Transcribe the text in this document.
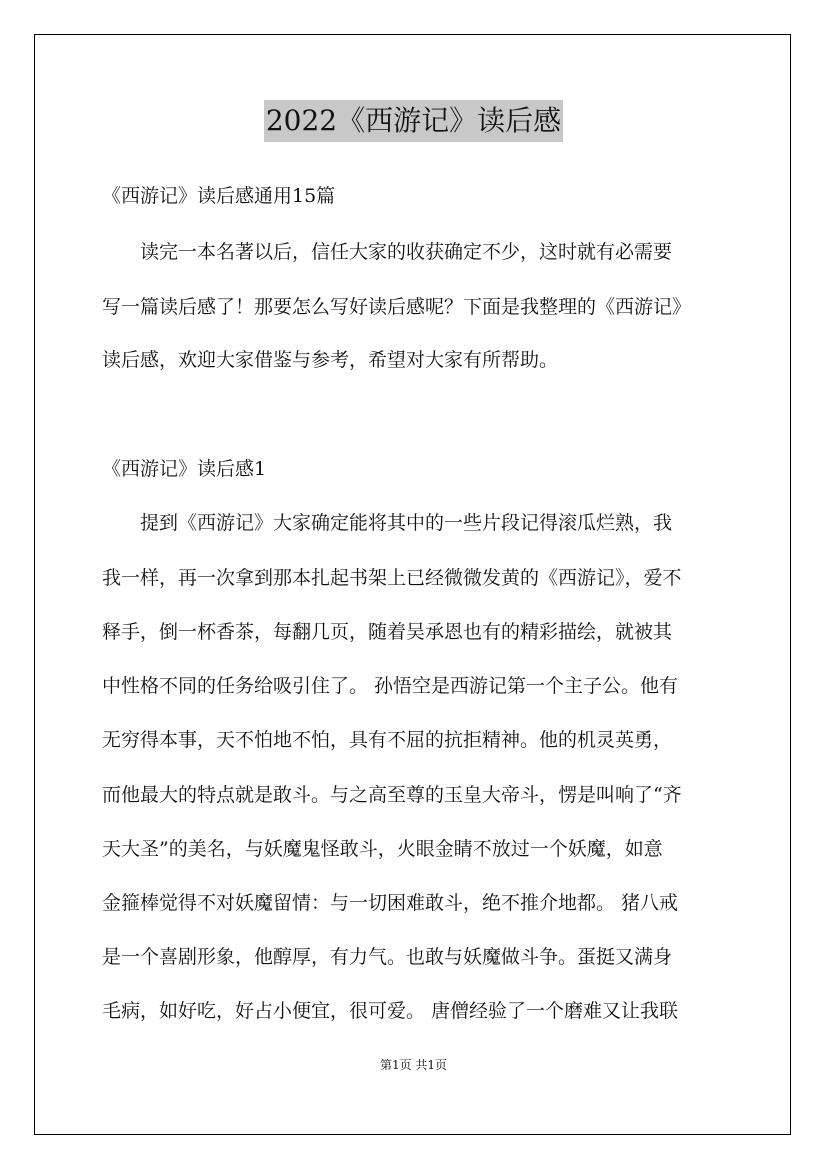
2022《西游记》读后感
《西游记》读后感通用15篇
读完一本名著以后，信任大家的收获确定不少，这时就有必需要
写一篇读后感了！那要怎么写好读后感呢？下面是我整理的《西游记》
读后感，欢迎大家借鉴与参考，希望对大家有所帮助。
《西游记》读后感1
提到《西游记》大家确定能将其中的一些片段记得滚瓜烂熟，我
我一样，再一次拿到那本扎起书架上已经微微发黄的《西游记》，爱不
释手，倒一杯香茶，每翻几页，随着吴承恩也有的精彩描绘，就被其
中性格不同的任务给吸引住了。 孙悟空是西游记第一个主子公。他有
无穷得本事，天不怕地不怕，具有不屈的抗拒精神。他的机灵英勇，
而他最大的特点就是敢斗。与之高至尊的玉皇大帝斗，愣是叫响了“齐
天大圣”的美名，与妖魔鬼怪敢斗，火眼金睛不放过一个妖魔，如意
金箍棒觉得不对妖魔留情：与一切困难敢斗，绝不推介地都。 猪八戒
是一个喜剧形象，他醇厚，有力气。也敢与妖魔做斗争。蛋挺又满身
毛病，如好吃，好占小便宜，很可爱。 唐僧经验了一个磨难又让我联
第1页 共1页
